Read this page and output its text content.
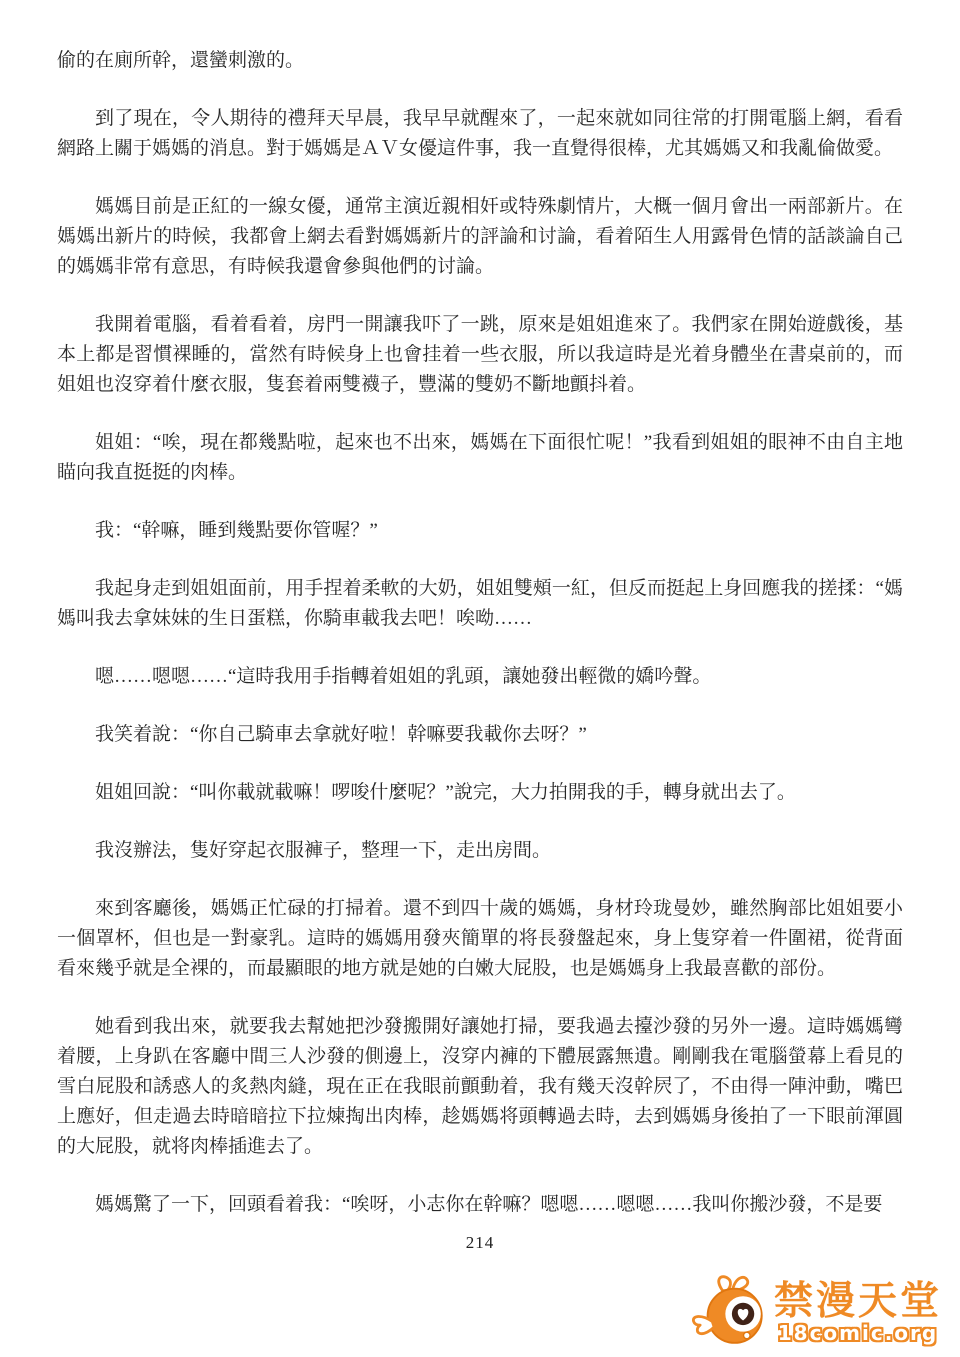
偷的在廁所幹，還蠻刺激的。

到了現在，令人期待的禮拜天早晨，我早早就醒來了，一起來就如同往常的打開電腦上網，看看網路上關于媽媽的消息。對于媽媽是ＡＶ女優這件事，我一直覺得很棒，尤其媽媽又和我亂倫做愛。

媽媽目前是正紅的一線女優，通常主演近親相奸或特殊劇情片，大概一個月會出一兩部新片。在媽媽出新片的時候，我都會上網去看對媽媽新片的評論和讨論，看着陌生人用露骨色情的話談論自己的媽媽非常有意思，有時候我還會參與他們的讨論。

我開着電腦，看着看着，房門一開讓我吓了一跳，原來是姐姐進來了。我們家在開始遊戲後，基本上都是習慣裸睡的，當然有時候身上也會挂着一些衣服，所以我這時是光着身體坐在書桌前的，而姐姐也沒穿着什麼衣服，隻套着兩雙襪子，豐滿的雙奶不斷地顫抖着。

姐姐：“唉，現在都幾點啦，起來也不出來，媽媽在下面很忙呢！”我看到姐姐的眼神不由自主地瞄向我直挺挺的肉棒。

我：“幹嘛，睡到幾點要你管喔？”

我起身走到姐姐面前，用手捏着柔軟的大奶，姐姐雙頰一紅，但反而挺起上身回應我的搓揉：“媽媽叫我去拿妹妹的生日蛋糕，你騎車載我去吧！唉呦……

嗯……嗯嗯……“這時我用手指轉着姐姐的乳頭，讓她發出輕微的嬌吟聲。

我笑着說：“你自己騎車去拿就好啦！幹嘛要我載你去呀？”

姐姐回說：“叫你載就載嘛！啰唆什麼呢？”說完，大力拍開我的手，轉身就出去了。

我沒辦法，隻好穿起衣服褲子，整理一下，走出房間。

來到客廳後，媽媽正忙碌的打掃着。還不到四十歲的媽媽，身材玲珑曼妙，雖然胸部比姐姐要小一個罩杯，但也是一對豪乳。這時的媽媽用發夾簡單的将長發盤起來，身上隻穿着一件圍裙，從背面看來幾乎就是全裸的，而最顯眼的地方就是她的白嫩大屁股，也是媽媽身上我最喜歡的部份。

她看到我出來，就要我去幫她把沙發搬開好讓她打掃，要我過去擡沙發的另外一邊。這時媽媽彎着腰，上身趴在客廳中間三人沙發的側邊上，沒穿内褲的下體展露無遺。剛剛我在電腦螢幕上看見的雪白屁股和誘惑人的炙熱肉縫，現在正在我眼前顫動着，我有幾天沒幹屄了，不由得一陣沖動，嘴巴上應好，但走過去時暗暗拉下拉煉掏出肉棒，趁媽媽将頭轉過去時，去到媽媽身後拍了一下眼前渾圓的大屁股，就将肉棒插進去了。

媽媽驚了一下，回頭看着我：“唉呀，小志你在幹嘛？嗯嗯……嗯嗯……我叫你搬沙發，不是要

214
禁漫天堂
18comic.org
